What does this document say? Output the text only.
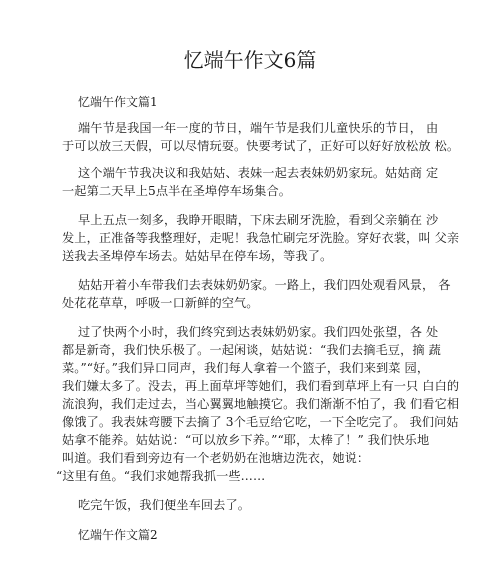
忆端午作文6篇
忆端午作文篇1
端午节是我国一年一度的节日，端午节是我们儿童快乐的节日， 由
于可以放三天假，可以尽情玩耍。快要考试了，正好可以好好放松放 松。
这个端午节我决议和我姑姑、表妹一起去表妹奶奶家玩。姑姑商 定
一起第二天早上5点半在圣埠停车场集合。
早上五点一刻多，我睁开眼睛，下床去刷牙洗脸，看到父亲躺在 沙
发上，正准备等我整理好，走呢！我急忙刷完牙洗脸。穿好衣裳，叫 父亲
送我去圣埠停车场去。姑姑早在停车场，等我了。
姑姑开着小车带我们去表妹奶奶家。一路上，我们四处观看风景， 各
处花花草草，呼吸一口新鲜的空气。
过了快两个小时，我们终究到达表妹奶奶家。我们四处张望，各 处
都是新奇，我们快乐极了。一起闲谈，姑姑说：“我们去摘毛豆，摘 蔬
菜。”“好。”我们异口同声，我们每人拿着一个篮子，我们来到菜 园，
我们嫌太多了。没去，再上面草坪等她们，我们看到草坪上有一只 白白的
流浪狗，我们走过去，当心翼翼地触摸它。我们渐渐不怕了，我 们看它相
像饿了。我表妹弯腰下去摘了 3个毛豆给它吃，一下全吃完了。 我们问姑
姑拿不能养。姑姑说：“可以放乡下养。”“耶，太棒了！” 我们快乐地
叫道。我们看到旁边有一个老奶奶在池塘边洗衣，她说：
“这里有鱼。“我们求她帮我抓一些……
吃完午饭，我们便坐车回去了。
忆端午作文篇2
